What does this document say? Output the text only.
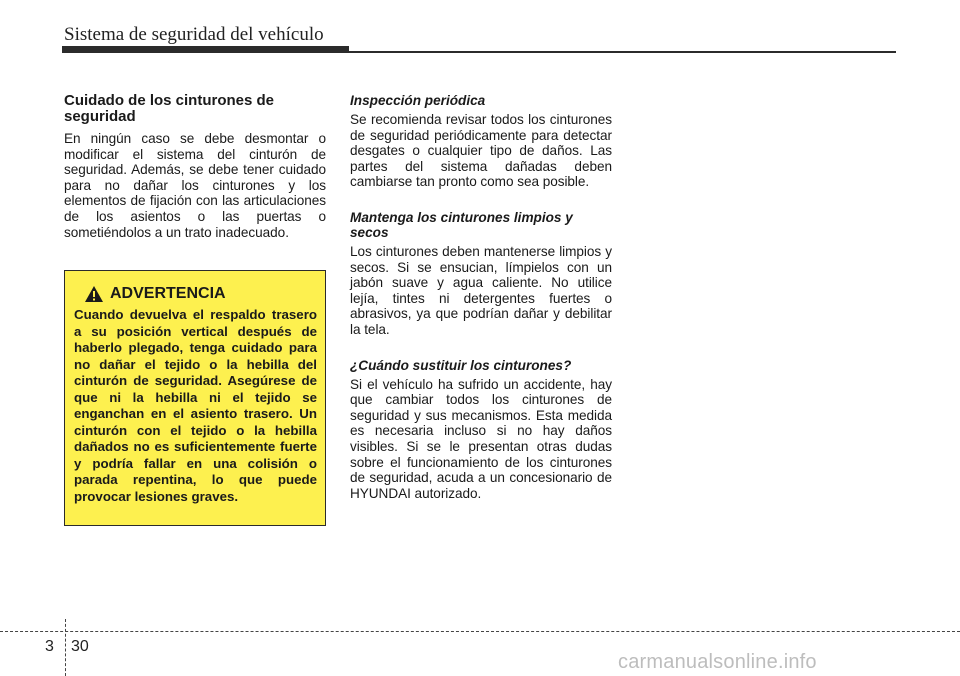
Sistema de seguridad del vehículo
Cuidado de los cinturones de seguridad

En ningún caso se debe desmontar o modificar el sistema del cinturón de seguridad. Además, se debe tener cuidado para no dañar los cinturones y los elementos de fijación con las articulaciones de los asientos o las puertas o sometiéndolos a un trato inadecuado.

ADVERTENCIA

Cuando devuelva el respaldo trasero a su posición vertical después de haberlo plegado, tenga cuidado para no dañar el tejido o la hebilla del cinturón de seguridad. Asegúrese de que ni la hebilla ni el tejido se enganchan en el asiento trasero. Un cinturón con el tejido o la hebilla dañados no es suficientemente fuerte y podría fallar en una colisión o parada repentina, lo que puede provocar lesiones graves.

Inspección periódica

Se recomienda revisar todos los cinturones de seguridad periódicamente para detectar desgates o cualquier tipo de daños. Las partes del sistema dañadas deben cambiarse tan pronto como sea posible.

Mantenga los cinturones limpios y secos

Los cinturones deben mantenerse limpios y secos. Si se ensucian, límpielos con un jabón suave y agua caliente. No utilice lejía, tintes ni detergentes fuertes o abrasivos, ya que podrían dañar y debilitar la tela.

¿Cuándo sustituir los cinturones?

Si el vehículo ha sufrido un accidente, hay que cambiar todos los cinturones de seguridad y sus mecanismos. Esta medida es necesaria incluso si no hay daños visibles. Si se le presentan otras dudas sobre el funcionamiento de los cinturones de seguridad, acuda a un concesionario de HYUNDAI autorizado.

3 30
carmanualsonline.info
